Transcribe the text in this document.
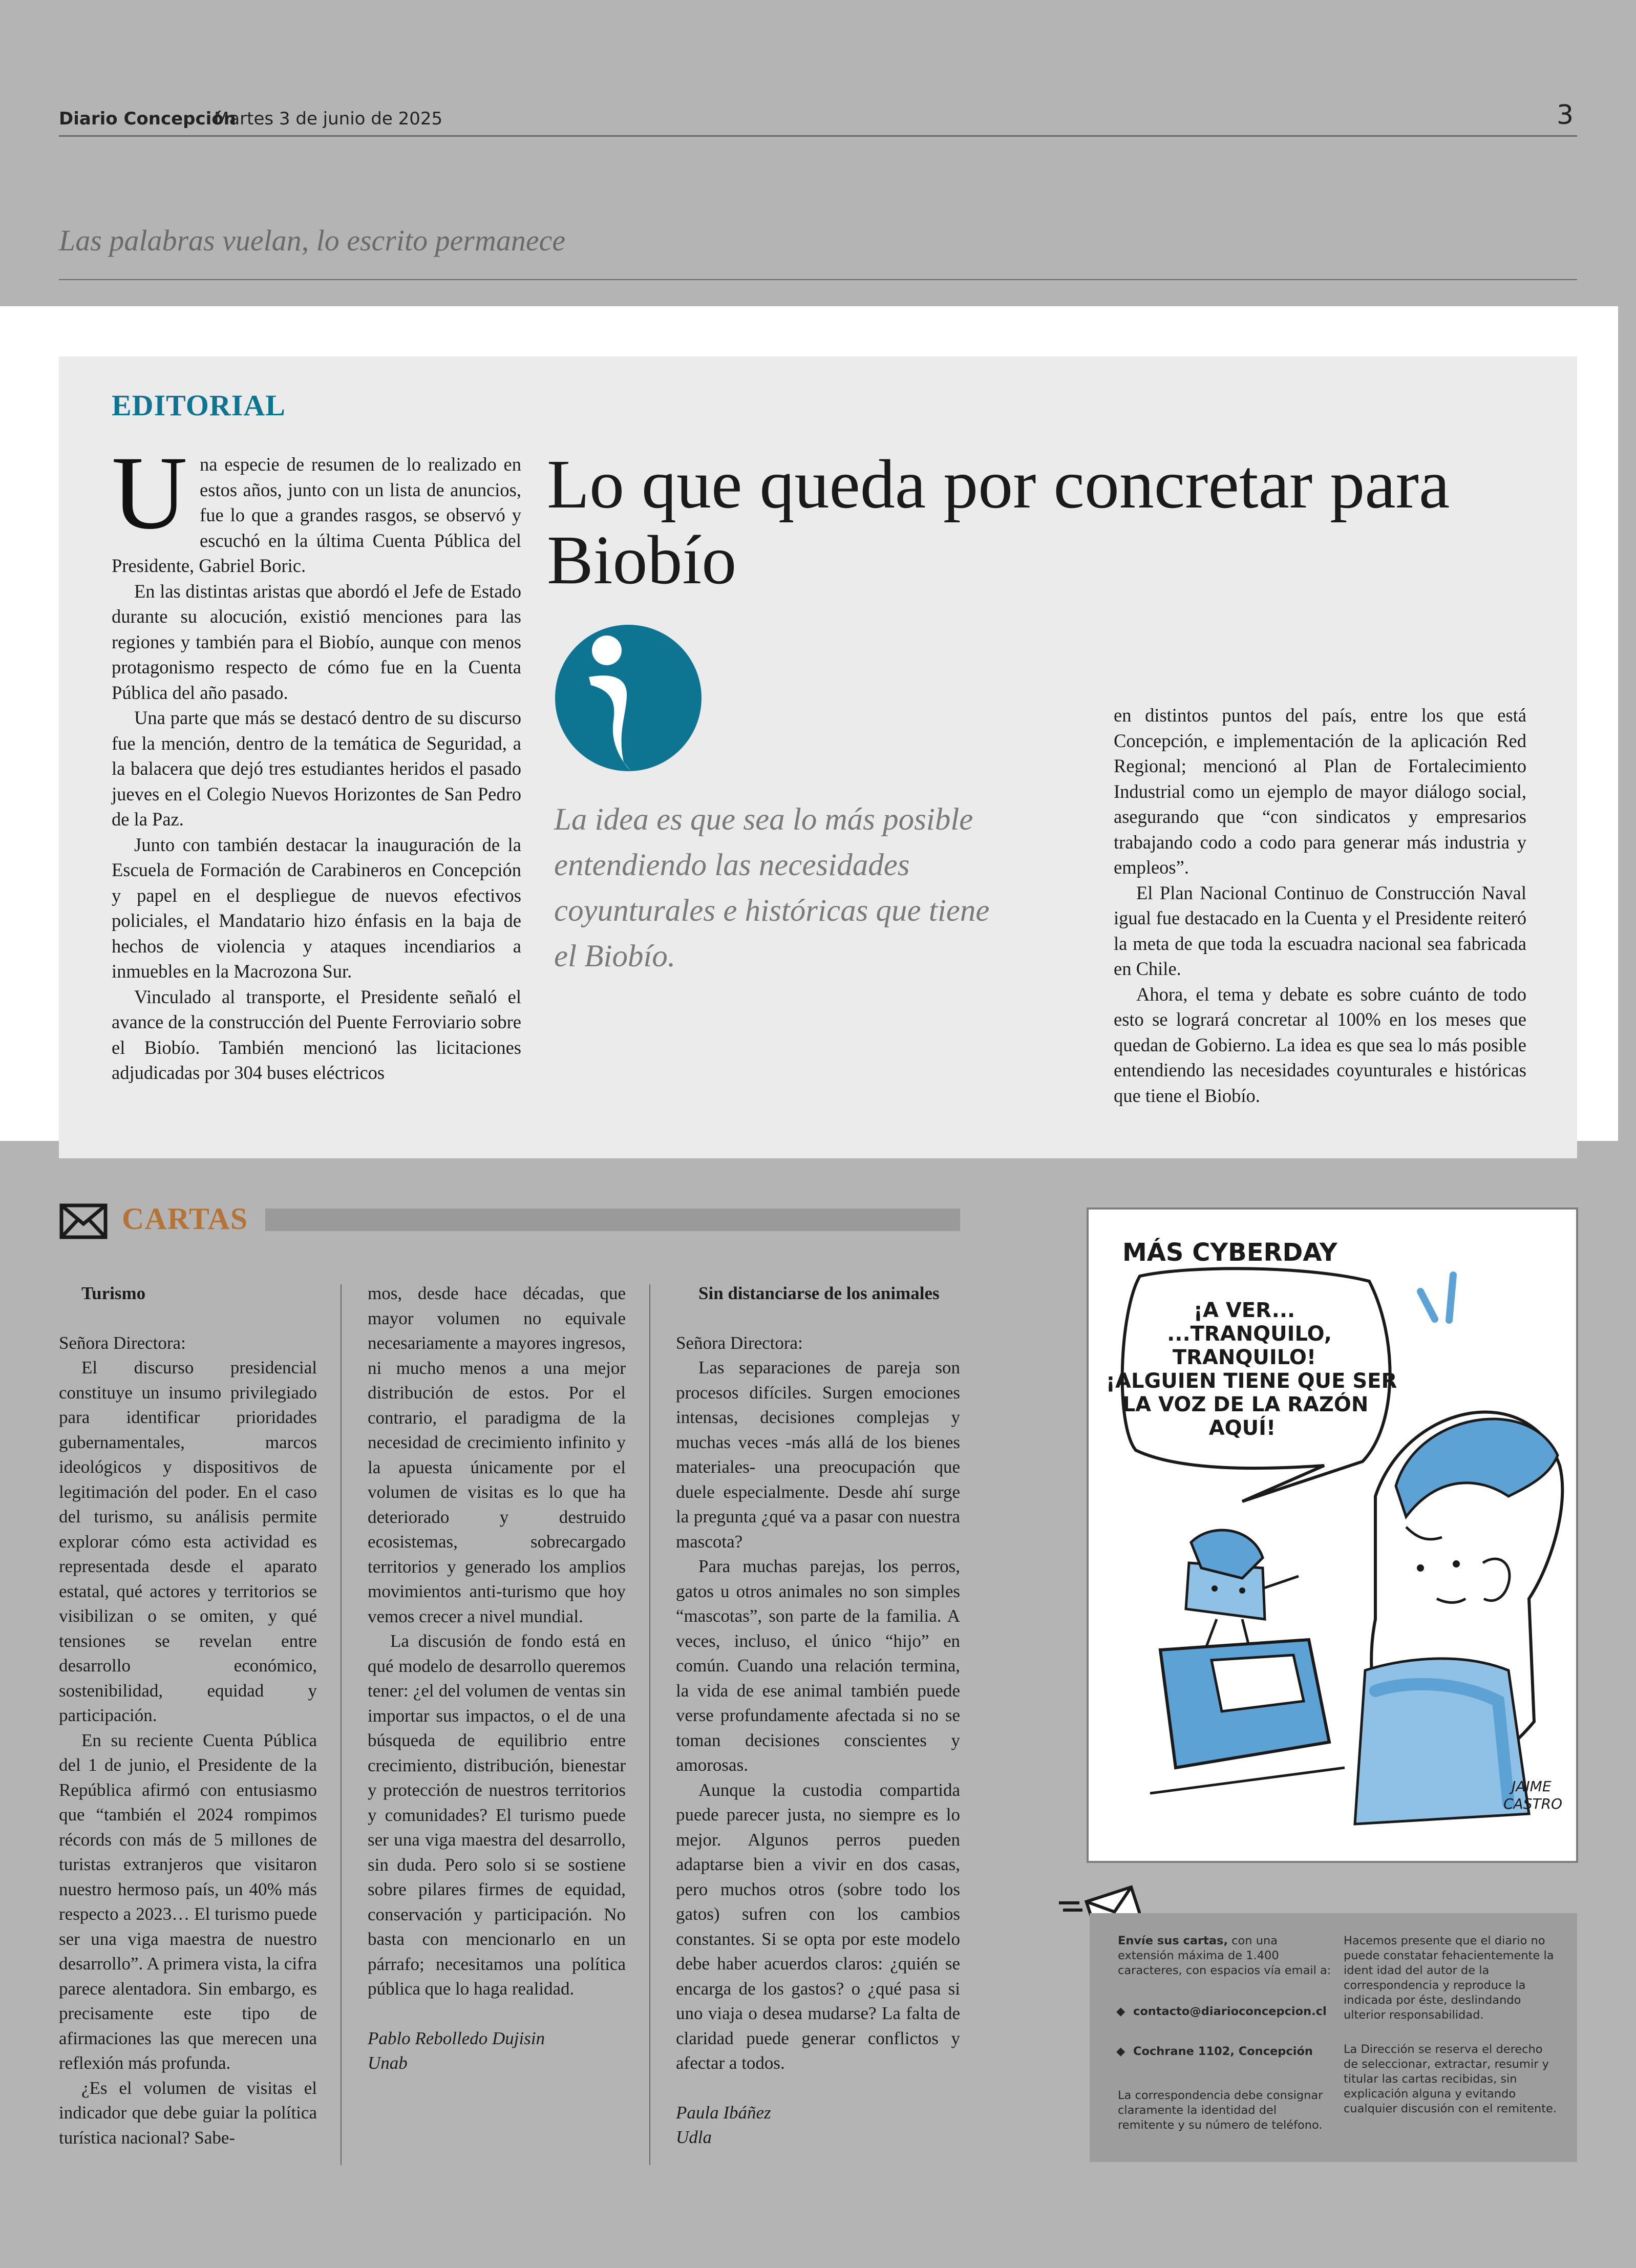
Diario Concepción
Martes 3 de junio de 2025	3
Las palabras vuelan, lo escrito permanece
EDITORIAL

Una especie de resumen de lo realizado en estos años, junto con un lista de anuncios, fue lo que a grandes rasgos, se observó y escuchó en la última Cuenta Pública del Presidente, Gabriel Boric.

En las distintas aristas que abordó el Jefe de Estado durante su alocución, existió menciones para las regiones y también para el Biobío, aunque con menos protagonismo respecto de cómo fue en la Cuenta Pública del año pasado.

Una parte que más se destacó dentro de su discurso fue la mención, dentro de la temática de Seguridad, a la balacera que dejó tres estudiantes heridos el pasado jueves en el Colegio Nuevos Horizontes de San Pedro de la Paz.

Junto con también destacar la inauguración de la Escuela de Formación de Carabineros en Concepción y papel en el despliegue de nuevos efectivos policiales, el Mandatario hizo énfasis en la baja de hechos de violencia y ataques incendiarios a inmuebles en la Macrozona Sur.

Vinculado al transporte, el Presidente señaló el avance de la construcción del Puente Ferroviario sobre el Biobío. También mencionó las licitaciones adjudicadas por 304 buses eléctricos

Lo que queda por concretar para Biobío
La idea es que sea lo más posible entendiendo las necesidades coyunturales e históricas que tiene el Biobío.

en distintos puntos del país, entre los que está Concepción, e implementación de la aplicación Red Regional; mencionó al Plan de Fortalecimiento Industrial como un ejemplo de mayor diálogo social, asegurando que “con sindicatos y empresarios trabajando codo a codo para generar más industria y empleos”.

El Plan Nacional Continuo de Construcción Naval igual fue destacado en la Cuenta y el Presidente reiteró la meta de que toda la escuadra nacional sea fabricada en Chile.

Ahora, el tema y debate es sobre cuánto de todo esto se logrará concretar al 100% en los meses que quedan de Gobierno. La idea es que sea lo más posible entendiendo las necesidades coyunturales e históricas que tiene el Biobío.

CARTAS

Turismo

Señora Directora:

El discurso presidencial constituye un insumo privilegiado para identificar prioridades gubernamentales, marcos ideológicos y dispositivos de legitimación del poder. En el caso del turismo, su análisis permite explorar cómo esta actividad es representada desde el aparato estatal, qué actores y territorios se visibilizan o se omiten, y qué tensiones se revelan entre desarrollo económico, sostenibilidad, equidad y participación.

En su reciente Cuenta Pública del 1 de junio, el Presidente de la República afirmó con entusiasmo que “también el 2024 rompimos récords con más de 5 millones de turistas extranjeros que visitaron nuestro hermoso país, un 40% más respecto a 2023… El turismo puede ser una viga maestra de nuestro desarrollo”. A primera vista, la cifra parece alentadora. Sin embargo, es precisamente este tipo de afirmaciones las que merecen una reflexión más profunda.

¿Es el volumen de visitas el indicador que debe guiar la política turística nacional? Sabe-

mos, desde hace décadas, que mayor volumen no equivale necesariamente a mayores ingresos, ni mucho menos a una mejor distribución de estos. Por el contrario, el paradigma de la necesidad de crecimiento infinito y la apuesta únicamente por el volumen de visitas es lo que ha deteriorado y destruido ecosistemas, sobrecargado territorios y generado los amplios movimientos anti-turismo que hoy vemos crecer a nivel mundial.

La discusión de fondo está en qué modelo de desarrollo queremos tener: ¿el del volumen de ventas sin importar sus impactos, o el de una búsqueda de equilibrio entre crecimiento, distribución, bienestar y protección de nuestros territorios y comunidades? El turismo puede ser una viga maestra del desarrollo, sin duda. Pero solo si se sostiene sobre pilares firmes de equidad, conservación y participación. No basta con mencionarlo en un párrafo; necesitamos una política pública que lo haga realidad.

Pablo Rebolledo Dujisin

Unab

Sin distanciarse de los animales

Señora Directora:

Las separaciones de pareja son procesos difíciles. Surgen emociones intensas, decisiones complejas y muchas veces -más allá de los bienes materiales- una preocupación que duele especialmente. Desde ahí surge la pregunta ¿qué va a pasar con nuestra mascota?

Para muchas parejas, los perros, gatos u otros animales no son simples “mascotas”, son parte de la familia. A veces, incluso, el único “hijo” en común. Cuando una relación termina, la vida de ese animal también puede verse profundamente afectada si no se toman decisiones conscientes y amorosas.

Aunque la custodia compartida puede parecer justa, no siempre es lo mejor. Algunos perros pueden adaptarse bien a vivir en dos casas, pero muchos otros (sobre todo los gatos) sufren con los cambios constantes. Si se opta por este modelo debe haber acuerdos claros: ¿quién se encarga de los gastos? o ¿qué pasa si uno viaja o desea mudarse? La falta de claridad puede generar conflictos y afectar a todos.

Paula Ibáñez

Udla

MÁS CYBERDAY
¡A VER...
...TRANQUILO,
TRANQUILO!
¡ALGUIEN TIENE QUE SER
LA VOZ DE LA RAZÓN
AQUÍ!
JAIME
CASTRO

Envíe sus cartas, con una extensión máxima de 1.400 caracteres, con espacios vía email a:

◆  contacto@diarioconcepcion.cl
◆  Cochrane 1102, Concepción
La correspondencia debe consignar claramente la identidad del remitente y su número de teléfono.
Hacemos presente que el diario no puede constatar fehacientemente la ident idad del autor de la correspondencia y reproduce la indicada por éste, deslindando ulterior responsabilidad.
La Dirección se reserva el derecho de seleccionar, extractar, resumir y titular las cartas recibidas, sin explicación alguna y evitando cualquier discusión con el remitente.
